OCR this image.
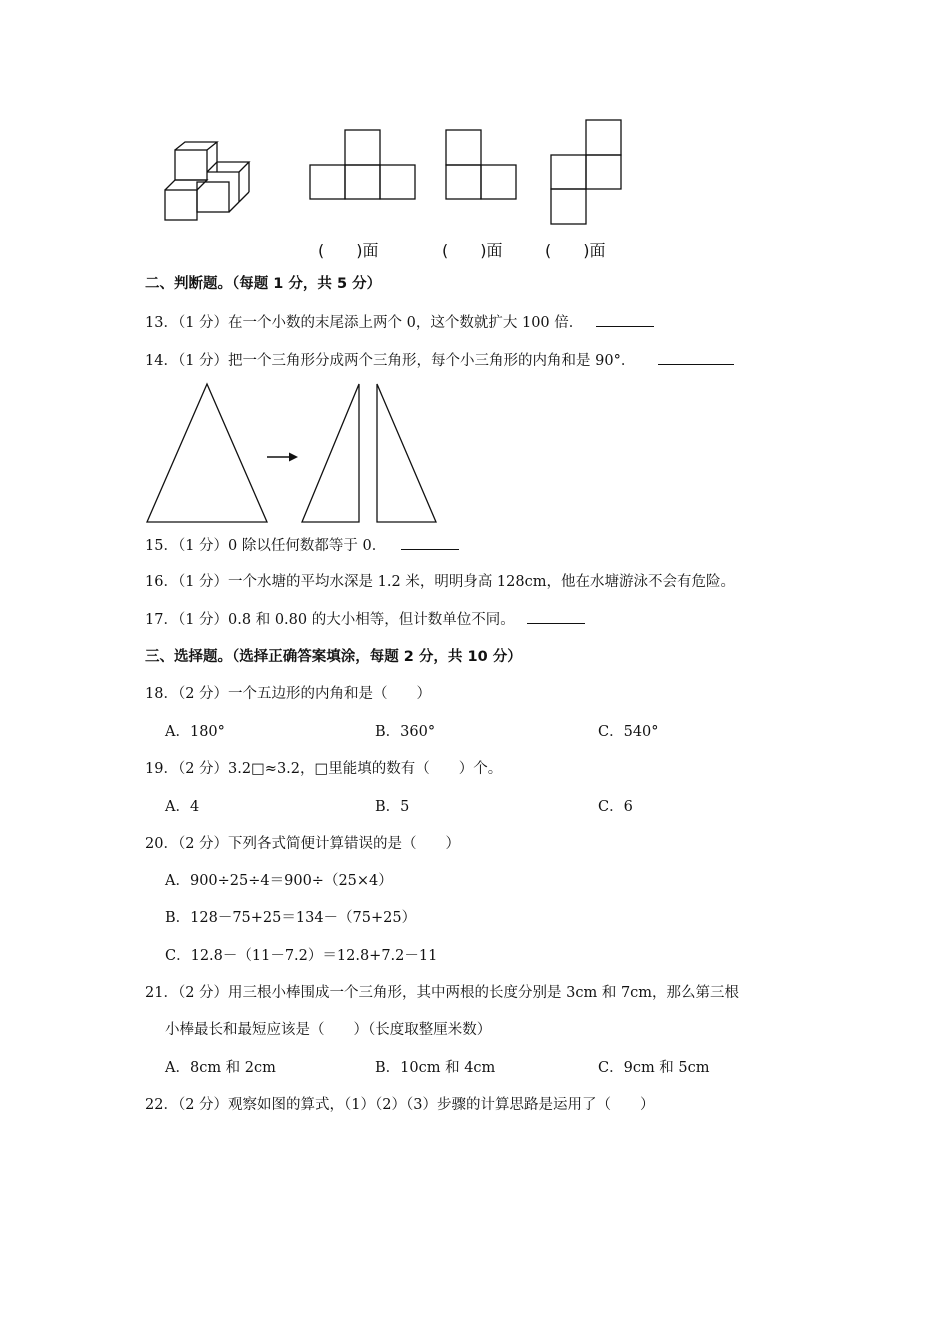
(　　)面	(　　)面	(　　)面
二、判断题。（每题 1 分，共 5 分）
13．（1 分）在一个小数的末尾添上两个 0，这个数就扩大 100 倍．
14．（1 分）把一个三角形分成两个三角形，每个小三角形的内角和是 90°．
15．（1 分）0 除以任何数都等于 0．
16．（1 分）一个水塘的平均水深是 1.2 米，明明身高 128cm，他在水塘游泳不会有危险。
17．（1 分）0.8 和 0.80 的大小相等，但计数单位不同。
三、选择题。（选择正确答案填涂，每题 2 分，共 10 分）
18．（2 分）一个五边形的内角和是（　　）
A．180°	B．360°	C．540°
19．（2 分）3.2□≈3.2，□里能填的数有（　　）个。
A．4	B．5	C．6
20．（2 分）下列各式简便计算错误的是（　　）
A．900÷25÷4＝900÷（25×4）
B．128－75+25＝134－（75+25）
C．12.8－（11－7.2）＝12.8+7.2－11
21．（2 分）用三根小棒围成一个三角形，其中两根的长度分别是 3cm 和 7cm，那么第三根
小棒最长和最短应该是（　　）（长度取整厘米数）
A．8cm 和 2cm	B．10cm 和 4cm	C．9cm 和 5cm
22．（2 分）观察如图的算式，（1）（2）（3）步骤的计算思路是运用了（　　）
